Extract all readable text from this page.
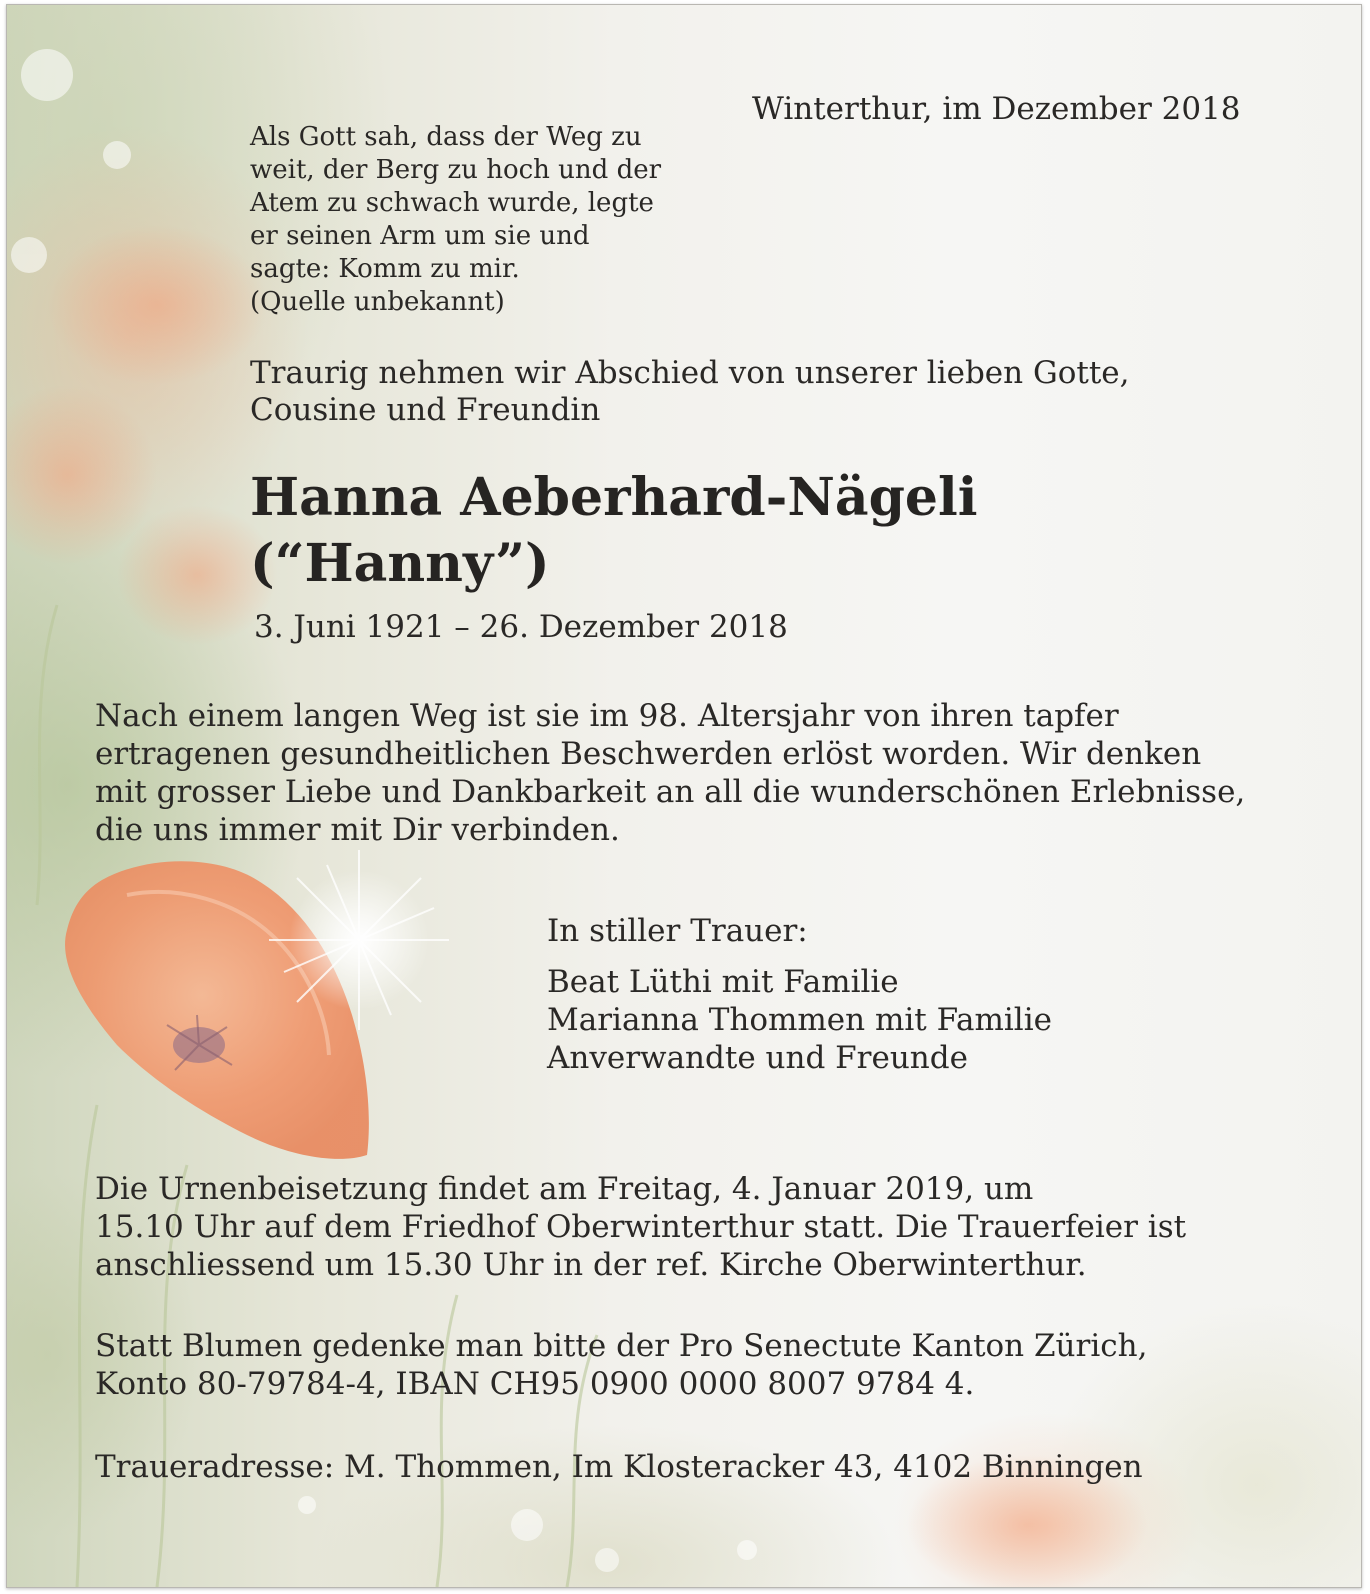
Winterthur, im Dezember 2018

Als Gott sah, dass der Weg zu
weit, der Berg zu hoch und der
Atem zu schwach wurde, legte
er seinen Arm um sie und
sagte: Komm zu mir.
(Quelle unbekannt)
Traurig nehmen wir Abschied von unserer lieben Gotte,
Cousine und Freundin
Hanna Aeberhard-Nägeli
(“Hanny”)

3. Juni 1921 – 26. Dezember 2018

Nach einem langen Weg ist sie im 98. Altersjahr von ihren tapfer
ertragenen gesundheitlichen Beschwerden erlöst worden. Wir denken
mit grosser Liebe und Dankbarkeit an all die wunderschönen Erlebnisse,
die uns immer mit Dir verbinden.

In stiller Trauer:

Beat Lüthi mit Familie
Marianna Thommen mit Familie
Anverwandte und Freunde
Die Urnenbeisetzung findet am Freitag, 4. Januar 2019, um
15.10 Uhr auf dem Friedhof Oberwinterthur statt. Die Trauerfeier ist
anschliessend um 15.30 Uhr in der ref. Kirche Oberwinterthur.
Statt Blumen gedenke man bitte der Pro Senectute Kanton Zürich,
Konto 80-79784-4, IBAN CH95 0900 0000 8007 9784 4.

Traueradresse: M. Thommen, Im Klosteracker 43, 4102 Binningen
